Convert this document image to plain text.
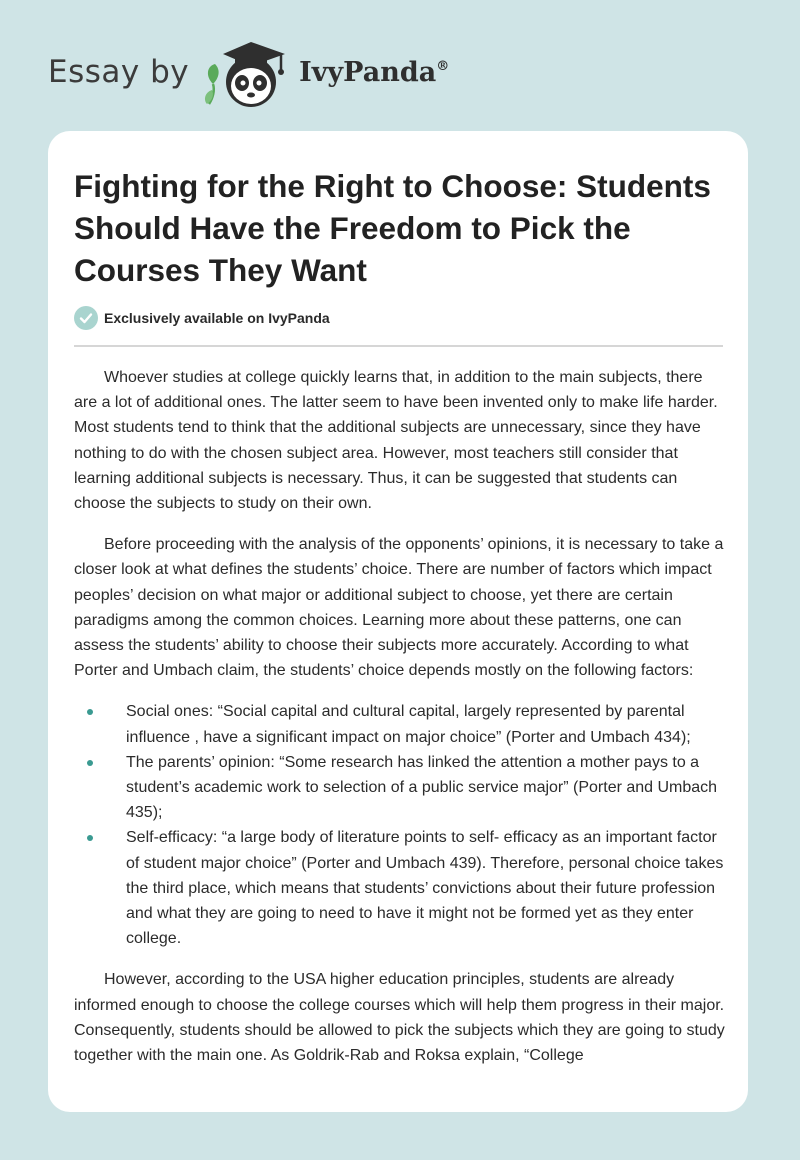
Essay by	IvyPanda®
Fighting for the Right to Choose: Students Should Have the Freedom to Pick the Courses They Want
Exclusively available on IvyPanda

Whoever studies at college quickly learns that, in addition to the main subjects, there are a lot of additional ones. The latter seem to have been invented only to make life harder. Most students tend to think that the additional subjects are unnecessary, since they have nothing to do with the chosen subject area. However, most teachers still consider that learning additional subjects is necessary. Thus, it can be suggested that students can choose the subjects to study on their own.

Before proceeding with the analysis of the opponents’ opinions, it is necessary to take a closer look at what defines the students’ choice. There are number of factors which impact peoples’ decision on what major or additional subject to choose, yet there are certain paradigms among the common choices. Learning more about these patterns, one can assess the students’ ability to choose their subjects more accurately. According to what Porter and Umbach claim, the students’ choice depends mostly on the following factors:

Social ones: “Social capital and cultural capital, largely represented by parental influence , have a significant impact on major choice” (Porter and Umbach 434);
The parents’ opinion: “Some research has linked the attention a mother pays to a student’s academic work to selection of a public service major” (Porter and Umbach 435);
Self-efficacy: “a large body of literature points to self- efficacy as an important factor of student major choice” (Porter and Umbach 439). Therefore, personal choice takes the third place, which means that students’ convictions about their future profession and what they are going to need to have it might not be formed yet as they enter college.

However, according to the USA higher education principles, students are already informed enough to choose the college courses which will help them progress in their major. Consequently, students should be allowed to pick the subjects which they are going to study together with the main one. As Goldrik-Rab and Roksa explain, “College
